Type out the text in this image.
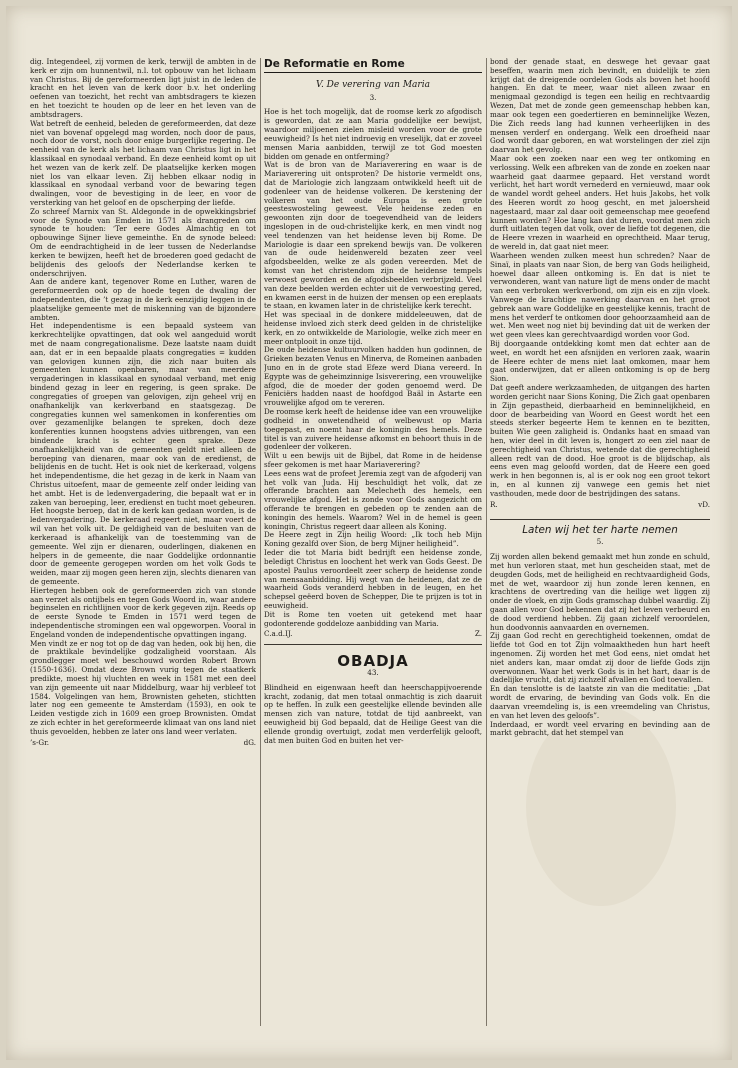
dig. Integendeel, zij vormen de kerk, terwijl de ambten in de kerk er zijn om hunnentwil, n.l. tot opbouw van het lichaam van Christus. Bij de gereformeerden ligt juist in de leden de kracht en het leven van de kerk door b.v. het onderling oefenen van toezicht, het recht van ambtsdragers te kiezen en het toezicht te houden op de leer en het leven van de ambtsdragers.

Wat betreft de eenheid, beleden de gereformeerden, dat deze niet van bovenaf opgelegd mag worden, noch door de paus, noch door de vorst, noch door enige burgerlijke regering. De eenheid van de kerk als het lichaam van Christus ligt in het klassikaal en synodaal verband. En deze eenheid komt op uit het wezen van de kerk zelf. De plaatselijke kerken mogen niet los van elkaar leven. Zij hebben elkaar nodig in klassikaal en synodaal verband voor de bewaring tegen dwalingen, voor de bevestiging in de leer, en voor de versterking van het geloof en de opscherping der liefde.

Zo schreef Marnix van St. Aldegonde in de opwekkingsbrief voor de Synode van Emden in 1571 als drangreden om synode te houden: ‘Ter eere Godes Almachtig en tot opbouwinge Sijner lieve gemeinthe. En de synode beleed: Om de eendrachtigheid in de leer tussen de Nederlandse kerken te bewijzen, heeft het de broederen goed gedacht de belijdenis des geloofs der Nederlandse kerken te onderschrijven.

Aan de andere kant, tegenover Rome en Luther, waren de gereformeerden ook op de hoede tegen de dwaling der independenten, die ’t gezag in de kerk eenzijdig leggen in de plaatselijke gemeente met de miskenning van de bijzondere ambten.

Het independentisme is een bepaald systeem van kerkrechtelijke opvattingen, dat ook wel aangeduid wordt met de naam congregationalisme. Deze laatste naam duidt aan, dat er in een bepaalde plaats congregaties = kudden van gelovigen kunnen zijn, die zich naar buiten als gemeenten kunnen openbaren, maar van meerdere vergaderingen in klassikaal en synodaal verband, met enig bindend gezag in leer en regering, is geen sprake. De congregaties of groepen van gelovigen, zijn geheel vrij en onafhankelijk van kerkverband en staatsgezag. De congregaties kunnen wel samenkomen in konferenties om over gezamenlijke belangen te spreken, doch deze konferenties kunnen hoogstens advies uitbrengen, van een bindende kracht is echter geen sprake. Deze onafhankelijkheid van de gemeenten geldt niet alleen de beroeping van dienaren, maar ook van de eredienst, de belijdenis en de tucht. Het is ook niet de kerkeraad, volgens het independentisme, die het gezag in de kerk in Naam van Christus uitoefent, maar de gemeente zelf onder leiding van het ambt. Het is de ledenvergadering, die bepaalt wat er in zaken van beroeping, leer, eredienst en tucht moet gebeuren. Het hoogste beroep, dat in de kerk kan gedaan worden, is de ledenvergadering. De kerkeraad regeert niet, maar voert de wil van het volk uit. De geldigheid van de besluiten van de kerkeraad is afhankelijk van de toestemming van de gemeente. Wel zijn er dienaren, ouderlingen, diakenen en helpers in de gemeente, die naar Goddelijke ordonnantie door de gemeente gerogepen worden om het volk Gods te weiden, maar zij mogen geen heren zijn, slechts dienaren van de gemeente.

Hiertegen hebben ook de gereformeerden zich van stonde aan verzet als ontijbels en tegen Gods Woord in, waar andere beginselen en richtlijnen voor de kerk gegeven zijn. Reeds op de eerste Synode te Emden in 1571 werd tegen de independentische stromingen een wal opgeworpen. Vooral in Engeland vonden de independentische opvattingen ingang.

Men vindt ze er nog tot op de dag van heden, ook bij hen, die de praktikale bevindelijke godzaligheid voorstaan. Als grondlegger moet wel beschouwd worden Robert Brown (1550-1636). Omdat deze Brown vurig tegen de staatkerk predikte, moest hij vluchten en week in 1581 met een deel van zijn gemeente uit naar Middelburg, waar hij verbleef tot 1584. Volgelingen van hem, Brownisten geheten, stichtten later nog een gemeente te Amsterdam (1593), en ook te Leiden vestigde zich in 1609 een groep Brownisten. Omdat ze zich echter in het gereformeerde klimaat van ons land niet thuis gevoelden, hebben ze later ons land weer verlaten.

’s-Gr.	dG.
De Reformatie en Rome
V. De verering van Maria
3.

Hoe is het toch mogelijk, dat de roomse kerk zo afgodisch is geworden, dat ze aan Maria goddelijke eer bewijst, waardoor miljoenen zielen misleid worden voor de grote eeuwigheid? Is het niet indroevig en vreselijk, dat er zoveel mensen Maria aanbidden, terwijl ze tot God moesten bidden om genade en ontferming?

Wat is de bron van de Mariaverering en waar is de Mariaverering uit ontsproten? De historie vermeldt ons, dat de Mariologie zich langzaam ontwikkeld heeft uit de godenleer van de heidense volkeren. De kerstening der volkeren van het oude Europa is een grote geesteswosteling geweest. Vele heidense zeden en gewoonten zijn door de toegevendheid van de leiders ingeslopen in de oud-christelijke kerk, en men vindt nog veel tendenzen van het heidense leven bij Rome. De Mariologie is daar een sprekend bewijs van. De volkeren van de oude heidenwereld bezaten zeer veel afgodsbeelden, welke ze als goden vereerden. Met de komst van het christendom zijn de heidense tempels verwoest geworden en de afgodsbeelden verbrijzeld. Veel van deze beelden werden echter uit de verwoesting gered, en kwamen eerst in de huizen der mensen op een ereplaats te staan, en kwamen later in de christelijke kerk terecht.

Het was speciaal in de donkere middeleeuwen, dat de heidense invloed zich sterk deed gelden in de christelijke kerk, en zo ontwikkelde de Mariologie, welke zich meer en meer ontplooit in onze tijd.

De oude heidense kultuurvolken hadden hun godinnen, de Grieken bezaten Venus en Minerva, de Romeinen aanbaden Juno en in de grote stad Efeze werd Diana vereerd. In Egypte was de geheimzinnige Isisverering, een vrouwelijke afgod, die de moeder der goden genoemd werd. De Feniciërs hadden naast de hoofdgod Baäl in Astarte een vrouwelijke afgod om te vereren.

De roomse kerk heeft de heidense idee van een vrouwelijke godheid in onwetendheid of welbewust op Maria toegepast, en noemt haar de koningin des hemels. Deze titel is van zuivere heidense afkomst en behoort thuis in de godenleer der volkeren.

Wilt u een bewijs uit de Bijbel, dat Rome in de heidense sfeer gekomen is met haar Mariaverering?

Lees eens wat de profeet Jeremia zegt van de afgoderij van het volk van Juda. Hij beschuldigt het volk, dat ze offerande brachten aan Melecheth des hemels, een vrouwelijke afgod. Het is zonde voor Gods aangezicht om offerande te brengen en gebeden op te zenden aan de koningin des hemels. Waarom? Wel in de hemel is geen koningin, Christus regeert daar alleen als Koning.

De Heere zegt in Zijn heilig Woord: „Ik toch heb Mijn Koning gezalfd over Sion, de berg Mijner heiligheid”.

Ieder die tot Maria bidt bedrijft een heidense zonde, beledigt Christus en loochent het werk van Gods Geest. De apostel Paulus veroordeelt zeer scherp de heidense zonde van mensaanbidding. Hij wegt van de heidenen, dat ze de waarheid Gods veranderd hebben in de leugen, en het schepsel geëerd boven de Schepper, Die te prijzen is tot in eeuwigheid.

Dit is Rome ten voeten uit getekend met haar godonterende goddeloze aanbidding van Maria.

C.a.d.IJ.	Z.
OBADJA
43.

Blindheid en eigenwaan heeft dan heerschappijvoerende kracht, zodanig, dat men totaal onmachtig is zich daaruit op te heffen. In zulk een geestelijke ellende bevinden alle mensen zich van nature, totdat de tijd aanbreekt, van eeuwigheid bij God bepaald, dat de Heilige Geest van die ellende grondig overtuigt, zodat men verderfelijk gelooft, dat men buiten God en buiten het ver-

bond der genade staat, en deswege het gevaar gaat beseffen, waarin men zich bevindt, en duidelijk te zien krijgt dat de dreigende oordelen Gods als boven het hoofd hangen. En dat te meer, waar niet alleen zwaar en menigmaal gezondigd is tegen een heilig en rechtvaardig Wezen, Dat met de zonde geen gemeenschap hebben kan, maar ook tegen een goedertieren en beminnelijke Wezen, Die Zich reeds lang had kunnen verheerlijken in des mensen verderf en ondergang. Welk een droefheid naar God wordt daar geboren, en wat worstelingen der ziel zijn daarvan het gevolg.

Maar ook een zoeken naar een weg ter ontkoming en verlossing. Welk een afbreken van de zonde en zoeken naar waarheid gaat daarmee gepaard. Het verstand wordt verlicht, het hart wordt vernederd en vernieuwd, maar ook de wandel wordt geheel anders. Het huis Jakobs, het volk des Heeren wordt zo hoog gescht, en met jaloersheid nagestaard, maar zal daar ooit gemeenschap mee geoefend kunnen worden? Hoe lang kan dat duren, voordat men zich durft uitlaten tegen dat volk, over de liefde tot degenen, die de Heere vrezen in waarheid en oprechtheid. Maar terug, de wereld in, dat gaat niet meer.

Waarheen wenden zulken meest hun schreden? Naar de Sinaï, in plaats van naar Sion, de berg van Gods heiligheid, hoewel daar alleen ontkoming is. En dat is niet te verwonderen, want van nature ligt de mens onder de macht van een verbroken werkverbond, om zijn eis en zijn vloek. Vanwege de krachtige nawerking daarvan en het groot gebrek aan ware Goddelijke en geestelijke kennis, tracht de mens het verderf te ontkomen door gehoorzaamheid aan de wet. Men weet nog niet bij bevinding dat uit de werken der wet geen vlees kan gerechtvaardigd worden voor God.

Bij doorgaande ontdekking komt men dat echter aan de weet, en wordt het een afsnijden en verloren zaak, waarin de Heere echter de mens niet laat omkomen, maar hem gaat onderwijzen, dat er alleen ontkoming is op de berg Sion.

Dat geeft andere werkzaamheden, de uitgangen des harten worden gericht naar Sions Koning, Die Zich gaat openbaren in Zijn gepastheid, dierbaarheid en beminnelijkheid, en door de bearbeiding van Woord en Geest wordt het een steeds sterker begeerte Hem te kennen en te bezitten, buiten Wie geen zaligheid is. Ondanks haat en smaad van hen, wier deel in dit leven is, hongert zo een ziel naar de gerechtigheid van Christus, wetende dat die gerechtigheid alleen redt van de dood. Hoe groot is de blijdschap, als eens even mag geloofd worden, dat de Heere een goed werk in hen begonnen is, al is er ook nog een groot tekort in, en al kunnen zij vanwege een gemis het niet vasthouden, mede door de bestrijdingen des satans.

R.	vD.
Laten wij het ter harte nemen
5.

Zij worden allen bekend gemaakt met hun zonde en schuld, met hun verloren staat, met hun gescheiden staat, met de deugden Gods, met de heiligheid en rechtvaardigheid Gods, met de wet, waardoor zij hun zonde leren kennen, en krachtens de overtreding van die heilige wet liggen zij onder de vloek, en zijn Gods gramschap dubbel waardig. Zij gaan allen voor God bekennen dat zij het leven verbeurd en de dood verdiend hebben. Zij gaan zichzelf veroordelen, hun doodvonnis aanvaarden en overnemen.

Zij gaan God recht en gerechtigheid toekennen, omdat de liefde tot God en tot Zijn volmaaktheden hun hart heeft ingenomen. Zij worden het met God eens, niet omdat het niet anders kan, maar omdat zij door de liefde Gods zijn overwonnen. Waar het werk Gods is in het hart, daar is de dadelijke vrucht, dat zij zichzelf afvallen en God toevallen.

En dan tenslotte is de laatste zin van die meditatie: „Dat wordt de ervaring, de bevinding van Gods volk. En die daarvan vreemdeling is, is een vreemdeling van Christus, en van het leven des geloofs”.

Inderdaad, er wordt veel ervaring en bevinding aan de markt gebracht, dat het stempel van
